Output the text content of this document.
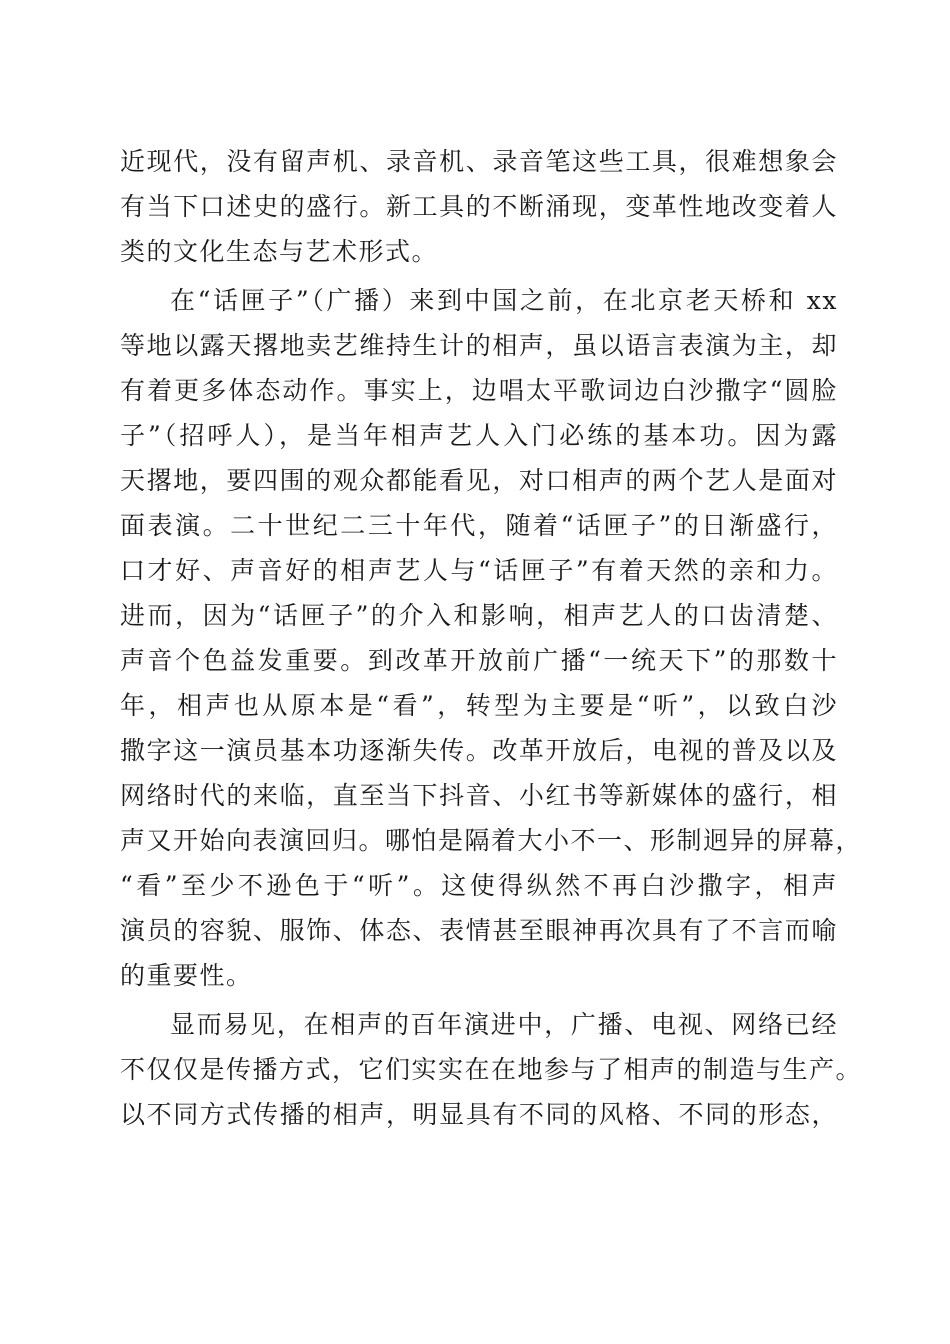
近现代，没有留声机、录音机、录音笔这些工具，很难想象会
有当下口述史的盛行。新工具的不断涌现，变革性地改变着人
类的文化生态与艺术形式。
在“话匣子”（广播）来到中国之前，在北京老天桥和 xx
等地以露天撂地卖艺维持生计的相声，虽以语言表演为主，却
有着更多体态动作。事实上，边唱太平歌词边白沙撒字“圆脸
子”（招呼人），是当年相声艺人入门必练的基本功。因为露
天撂地，要四围的观众都能看见，对口相声的两个艺人是面对
面表演。二十世纪二三十年代，随着“话匣子”的日渐盛行，
口才好、声音好的相声艺人与“话匣子”有着天然的亲和力。
进而，因为“话匣子”的介入和影响，相声艺人的口齿清楚、
声音个色益发重要。到改革开放前广播“一统天下”的那数十
年，相声也从原本是“看”，转型为主要是“听”，以致白沙
撒字这一演员基本功逐渐失传。改革开放后，电视的普及以及
网络时代的来临，直至当下抖音、小红书等新媒体的盛行，相
声又开始向表演回归。哪怕是隔着大小不一、形制迥异的屏幕，
“看”至少不逊色于“听”。这使得纵然不再白沙撒字，相声
演员的容貌、服饰、体态、表情甚至眼神再次具有了不言而喻
的重要性。
显而易见，在相声的百年演进中，广播、电视、网络已经
不仅仅是传播方式，它们实实在在地参与了相声的制造与生产。
以不同方式传播的相声，明显具有不同的风格、不同的形态，
